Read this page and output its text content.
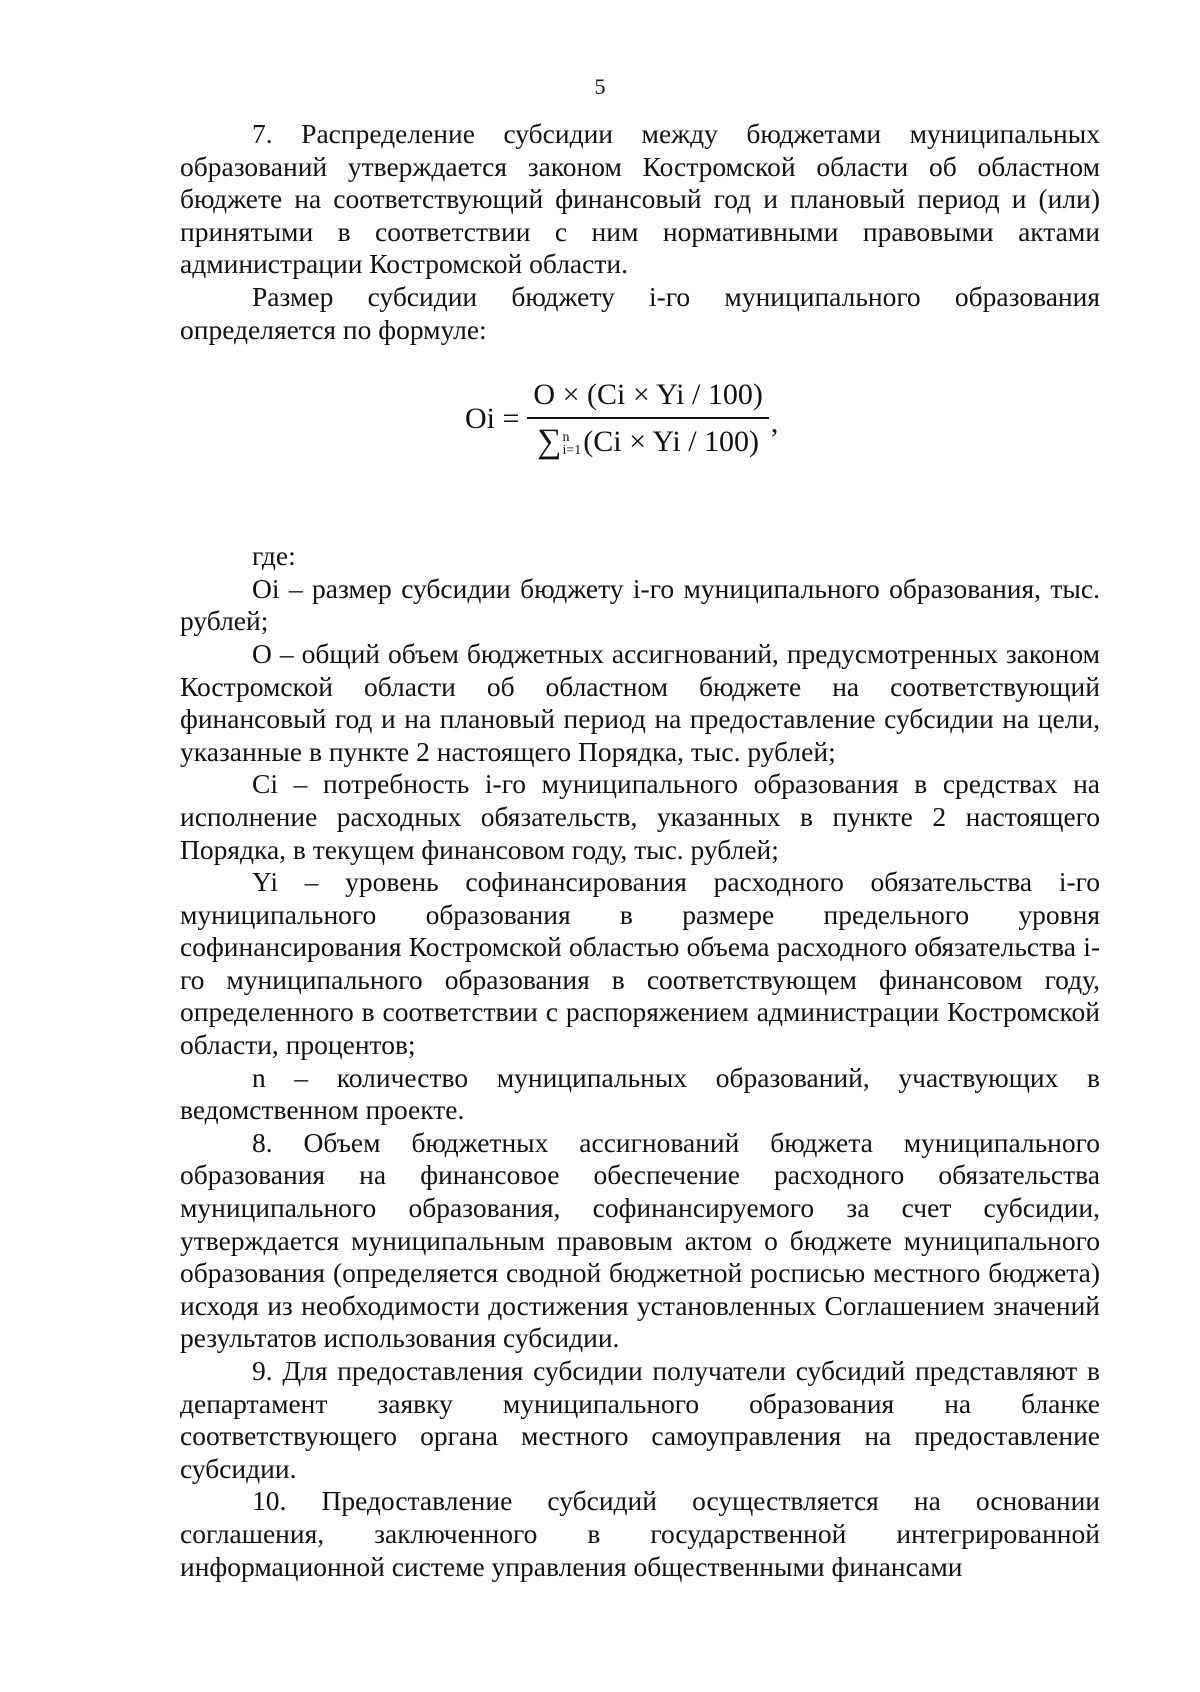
5

7. Распределение субсидии между бюджетами муниципальных образований утверждается законом Костромской области об областном бюджете на соответствующий финансовый год и плановый период и (или) принятыми в соответствии с ним нормативными правовыми актами администрации Костромской области.

Размер субсидии бюджету i-го муниципального образования определяется по формуле:

Oi =
O × (Ci × Yi / 100)
∑ n
i=1 (Ci × Yi / 100)
,

где:

Oi – размер субсидии бюджету i-го муниципального образования, тыс. рублей;

О – общий объем бюджетных ассигнований, предусмотренных законом Костромской области об областном бюджете на соответствующий финансовый год и на плановый период на предоставление субсидии на цели, указанные в пункте 2 настоящего Порядка, тыс. рублей;

Ci – потребность i-го муниципального образования в средствах на исполнение расходных обязательств, указанных в пункте 2 настоящего Порядка, в текущем финансовом году, тыс. рублей;

Yi – уровень софинансирования расходного обязательства i-го муниципального образования в размере предельного уровня софинансирования Костромской областью объема расходного обязательства i-го муниципального образования в соответствующем финансовом году, определенного в соответствии с распоряжением администрации Костромской области, процентов;

n – количество муниципальных образований, участвующих в ведомственном проекте.

8. Объем бюджетных ассигнований бюджета муниципального образования на финансовое обеспечение расходного обязательства муниципального образования, софинансируемого за счет субсидии, утверждается муниципальным правовым актом о бюджете муниципального образования (определяется сводной бюджетной росписью местного бюджета) исходя из необходимости достижения установленных Соглашением значений результатов использования субсидии.

9. Для предоставления субсидии получатели субсидий представляют в департамент заявку муниципального образования на бланке соответствующего органа местного самоуправления на предоставление субсидии.

10. Предоставление субсидий осуществляется на основании соглашения, заключенного в государственной интегрированной информационной системе управления общественными финансами
